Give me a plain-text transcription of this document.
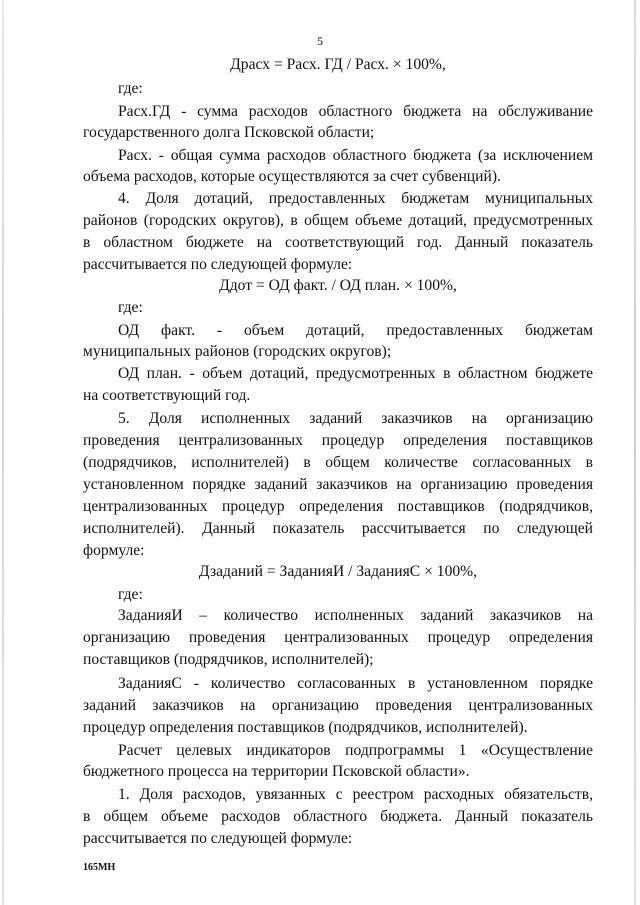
5
Драсх = Расх. ГД / Расх. × 100%,
где:
Расх.ГД - сумма расходов областного бюджета на обслуживание
государственного долга Псковской области;
Расх. - общая сумма расходов областного бюджета (за исключением
объема расходов, которые осуществляются за счет субвенций).
4. Доля дотаций, предоставленных бюджетам муниципальных
районов (городских округов), в общем объеме дотаций, предусмотренных
в областном бюджете на соответствующий год. Данный показатель
рассчитывается по следующей формуле:
Ддот = ОД факт. / ОД план. × 100%,
где:
ОД факт. - объем дотаций, предоставленных бюджетам
муниципальных районов (городских округов);
ОД план. - объем дотаций, предусмотренных в областном бюджете
на соответствующий год.
5. Доля исполненных заданий заказчиков на организацию
проведения централизованных процедур определения поставщиков
(подрядчиков, исполнителей) в общем количестве согласованных в
установленном порядке заданий заказчиков на организацию проведения
централизованных процедур определения поставщиков (подрядчиков,
исполнителей). Данный показатель рассчитывается по следующей
формуле:
Дзаданий = ЗаданияИ / ЗаданияС × 100%,
где:
ЗаданияИ – количество исполненных заданий заказчиков на
организацию проведения централизованных процедур определения
поставщиков (подрядчиков, исполнителей);
ЗаданияС - количество согласованных в установленном порядке
заданий заказчиков на организацию проведения централизованных
процедур определения поставщиков (подрядчиков, исполнителей).
Расчет целевых индикаторов подпрограммы 1 «Осуществление
бюджетного процесса на территории Псковской области».
1. Доля расходов, увязанных с реестром расходных обязательств,
в общем объеме расходов областного бюджета. Данный показатель
рассчитывается по следующей формуле:
165МН
